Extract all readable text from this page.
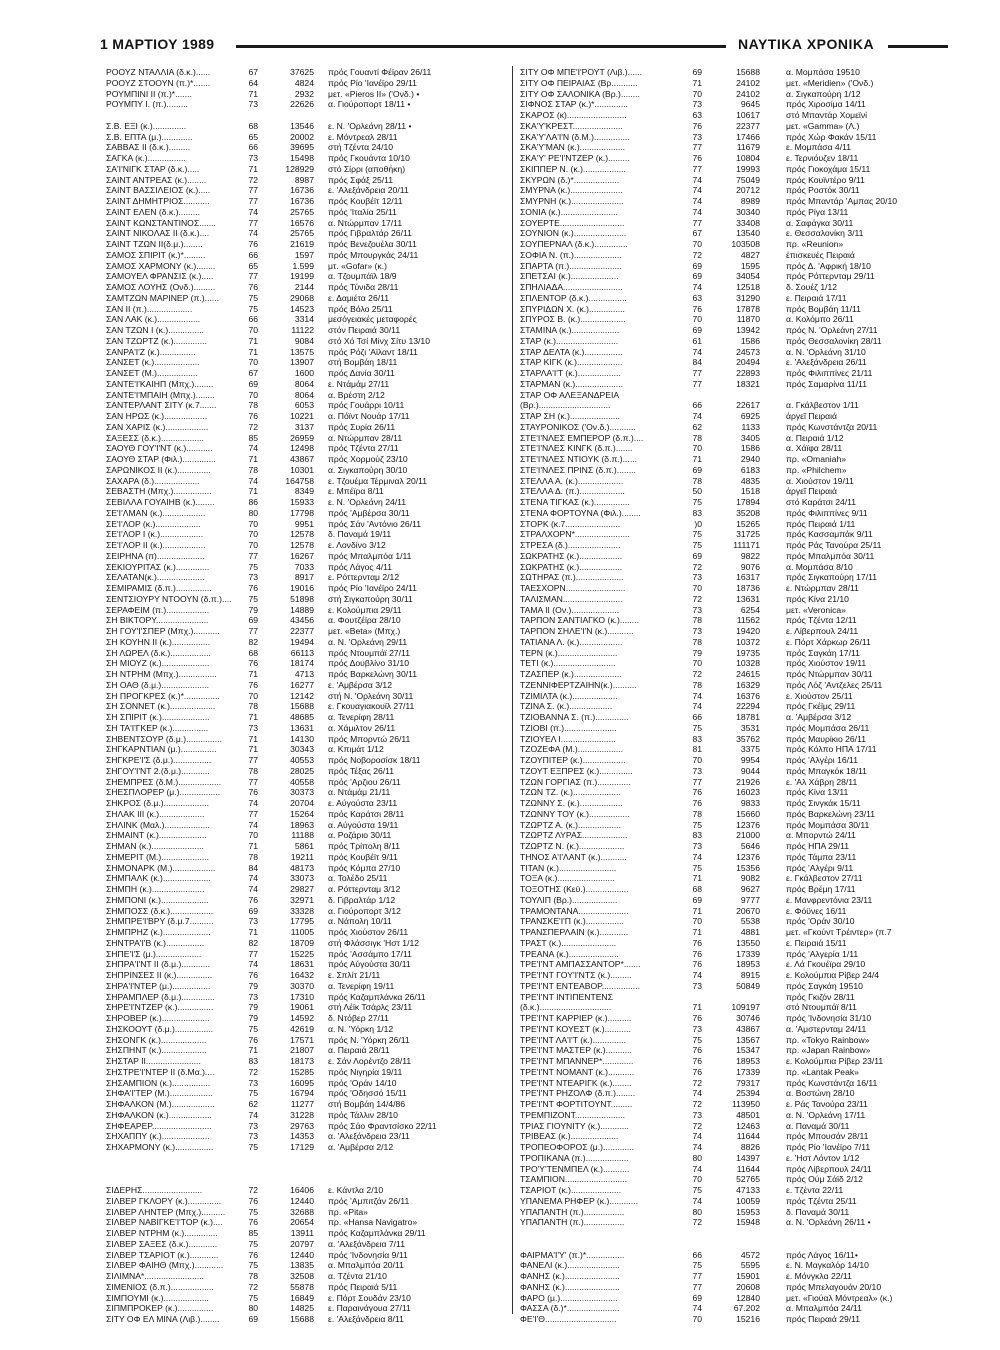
1 ΜΑΡΤΙΟΥ 1989	ΝΑΥΤΙΚΑ ΧΡΟΝΙΚΑ
ΡΟΟΥΖ ΝΤΑΛΛΙΑ (δ.κ.)......	67	37625 πρός Γουαντί Φέϊραν 26/11
ΡΟΟΥΖ ΣΤΟΟΥΝ (π.)*.......	64	4824 πρός Ρίο 'Ιανέϊρο 29/11
ΡΟΥΜΠΙΝΙ ΙΙ (π.)*.......	71	2932 μετ. «Pieros II» ('Ονδ.) •
ΡΟΥΜΠΥ Ι. (π.).........	73	22626 α. Γιούροπορτ 18/11 •
Σ.Β. ΕΞΙ (κ.)..............	68	13546 ε. Ν. 'Ορλεάνη 28/11 •
Σ.Β. ΕΠΤΑ (μ.).............	65	20002 ε. Μόντρεαλ 28/11
ΣΑΒΒΑΣ ΙΙ (δ.κ.).........	66	39695 στή Τζέντα 24/10
ΣΑΓΚΑ (κ.)................	73	15498 πρός Γκουάντα 10/10
ΣΑ'Ι'ΝΙΓΚ ΣΤΑΡ (δ.κ.).....	71	128929 στό Σίρρι (αποθήκη)
ΣΑΙΝΤ ΑΝΤΡΕΑΣ (κ.)........	72	8987 πρός Σφάξ 25/11
ΣΑΙΝΤ ΒΑΣΣΙΛΕΙΟΣ (κ.).....	77	16736 ε. 'Αλεξάνδρεια 20/11
ΣΑΙΝΤ ΔΗΜΗΤΡΙΟΣ...........	77	16736 πρός Κουβέϊτ 12/11
ΣΑΙΝΤ ΕΛΕΝ (δ.κ.).........	74	25765 πρός 'Ιταλία 25/11
ΣΑΙΝΤ ΚΩΝΣΤΑΝΤΙΝΟΣ.......	77	16576 α. Ντώρμπαν 17/11
ΣΑΙΝΤ ΝΙΚΟΛΑΣ ΙΙ (δ.κ.)....	74	25765 πρός Γιβραλτάρ 26/11
ΣΑΙΝΤ ΤΖΩΝ ΙΙ(δ.μ.)........	76	21619 πρός Βενεζουέλα 30/11
ΣΑΜΟΣ ΣΠΙΡΙΤ (κ.)*.........	66	1597 πρός Μπουργκάς 24/11
ΣΑΜΟΣ ΧΑΡΜΟΝΥ (κ.)........	65	1.599 μτ. «Gofar» (κ.)
ΣΑΜΟΥΕΛ ΦΡΑΝΣΙΣ (κ.).....	77	19199 α. Τζουμπάϊλ 18/9
ΣΑΜΟΣ ΛΟΥΗΣ (Ονδ.).........	76	2144 πρός Τύνιδα 28/11
ΣΑΜΤΖΩΝ ΜΑΡΙΝΕΡ (π.)......	75	29068 ε. Δαμιέτα 26/11
ΣΑΝ ΙΙ (π.)...................	75	14523 πρός Βόλο 25/11
ΣΑΝ ΛΑΚ (κ.)..................	66	3314 μεσόγειακές μεταφορές
ΣΑΝ ΤΖΩΝ Ι (κ.)...............	70	11122 στόν Πειραιά 30/11
ΣΑΝ ΤΖΩΡΤΖ (κ.)..............	71	9084 στό Χό Τσί Μίνχ Σίτυ 13/10
ΣΑΝΡΑ'Ι'Ζ (κ.)...............	71	13575 πρός Ρόζι 'Αϊλαντ 18/11
ΣΑΝΣΕΤ (κ.)...................	70	13907 στή Βομβάη 18/11
ΣΑΝΣΕΤ (Μ.).................	67	1600 πρός Δανία 30/11
ΣΑΝΤΕ'Ι'ΚΑΙΗΠ (Μπχ.)........	69	8064 ε. Ντάμάμ 27/11
ΣΑΝΤΕ'Ι'ΜΠΑΙΗ (Μπχ.)........	70	8064 α. Βρέστη 2/12
ΣΑΝΤΕΡΛΑΝΤ ΣΙΤΥ (κ.7.......	78	6053 πρός Γουάρρι 10/11
ΣΑΝ ΗΡΩΣ (κ.)..................	76	10221 α. Πόϊντ Νουάρ 17/11
ΣΑΝ ΧΑΡΙΣ (κ.)..................	72	3137 πρός Συρία 26/11
ΣΑΞΕΣΣ (δ.κ.)..................	85	26959 α. Ντώρμπαν 28/11
ΣΑΟΥΘ ΓΟΥ'Ι'ΝΤ (κ.)...........	74	12498 πρός Τζέντα 27/11
ΣΑΟΥΘ ΣΤΑΡ (Φιλ.)..............	71	43867 πρός Χορμούζ 23/10
ΣΑΡΩΝΙΚΟΣ ΙΙ (κ.)..............	78	10301 α. Σιγκαπούρη 30/10
ΣΑΧΑΡΑ (δ.)...................	74	164758 ε. Τζουέμα Τέρμιναλ 20/11
ΣΕΒΑΣΤΗ (Μπχ.)................	71	8349 ε. Μπέϊρα 8/11
ΣΕΒΙΛΛΑ ΓΟΥΑΙΗΒ (κ.)........	86	15933 ε. Ν. 'Ορλεάνη 24/11
ΣΕ'Ι'ΛΜΑΝ (κ.)..................	80	17798 πρός 'Αμβέρσα 30/11
ΣΕ'Ι'ΛΟΡ (κ.)...................	70	9951 πρός Σάν 'Αντόνιο 26/11
ΣΕ'Ι'ΛΟΡ Ι (κ.)..................	70	12578 δ. Παναμά 19/11
ΣΕ'Ι'ΛΟΡ ΙΙ (κ.)..................	70	12578 ε. Λονδίνο 3/12
ΣΕΙΡΗΝΑ (π)....................	77	16267 πρός Μπαλμπόα 1/11
ΣΕΚΙΟΥΡΙΤΑΣ (κ.)..............	75	7033 πρός Λάγος 4/11
ΣΕΛΑΤΑΝ(κ.)....................	73	8917 ε. Ρόττερνταμ 2/12
ΣΕΜΙΡΑΜΙΣ (δ.π.)...............	76	19016 πρός Ρίο 'Ιανέϊρο 24/11
ΣΕΝΤΣΙΟΥΡΥ ΝΤΟΟΥΝ (δ.π.)....	75	51898 στή Σιγκαπούρη 30/11
ΣΕΡΑΦΕΙΜ (π.)..................	79	14889 ε. Κολούμπια 29/11
ΣΗ ΒΙΚΤΟΡΥ......................	69	43456 α. Φουτζέϊρα 28/10
ΣΗ ΓΟΥ'Ι'ΣΠΕΡ (Μπχ.)...........	77	22377 μετ. «Beta» (Μπχ.)
ΣΗ ΚΟΥΗΝ ΙΙ (κ.)................	82	19494 α. Ν. 'Ορλεάνη 29/11
ΣΗ ΛΩΡΕΛ (δ.κ.).................	68	66113 πρός Ντουμπάϊ 27/11
ΣΗ ΜΙΟΥΖ (κ.)....................	76	18174 πρός Δουβλίνο 31/10
ΣΗ ΝΤΡΗΜ (Μπχ.)................	71	4713 πρός Βαρκελώνη 30/11
ΣΗ ΟΑΘ (δ.μ.)....................	76	16277 ε. 'Αμβέρσα 3/12
ΣΗ ΠΡΟΓΚΡΕΣ (κ.)*...............	70	12142 στή Ν. 'Ορλεάνη 30/11
ΣΗ ΣΟΝΝΕΤ (κ.)...................	78	15688 ε. Γκουαγιακουϊλ 27/11
ΣΗ ΣΠΙΡΙΤ (κ.)....................	71	48685 α. Τενερίφη 28/11
ΣΗ ΤΑ'Ι'ΓΚΕΡ (κ.)...............	73	13631 α. Χάμιλτον 26/11
ΣΗΒΕΝΤΣΟΥΡ (δ.μ.)...............	71	14130 πρός Μπορντώ 26/11
ΣΗΓΚΑΡΝΤΙΑΝ (μ.)...............	71	30343 α. Κπιμάτ 1/12
ΣΗΓΚΡΕ'Ι'Σ (δ.μ.)................	77	40553 πρός Νοβοροσίσκ 18/11
ΣΗΓΟΥ'Ι'ΝΤ 2.(δ.μ.)............	78	28025 πρός Τέξας 26/11
ΣΗΕΜΠΡΕΣ (δ.Μ.)..................	77	40558 πρός 'Αρζιου 26/11
ΣΗΕΣΠΛΟΡΕΡ (μ.).................	76	30373 α. Ντάμάμ 21/11
ΣΗΚΡΟΣ (δ.μ.)...................	74	20704 ε. Αύγούστα 23/11
ΣΗΛΑΚ ΙΙΙ (κ.)...................	77	15264 πρός Καράτσι 28/11
ΣΗΛΙΝΚ (Μαλ.)...................	74	18963 α. Αύγούστα 19/11
ΣΗΜΑΙΝΤ (κ.)....................	70	11188 α. Ροζάριο 30/11
ΣΗΜΑΝ (κ.)......................	71	5861 πρός Τρίπολη 8/11
ΣΗΜΕΡΙΤ (Μ.)....................	78	19211 πρός Κουβέϊτ 9/11
ΣΗΜΟΝΑΡΚ (Μ.)..................	84	48173 πρός Κόμπα 27/10
ΣΗΜΠΑΛΚ (κ.)....................	74	33073 α. Τολέδο 25/11
ΣΗΜΠΗ (κ.)......................	74	29827 α. Ρόττερνταμ 3/12
ΣΗΜΠΟΝΙ (κ.)....................	76	32971 δ. Γιβραλτάρ 1/12
ΣΗΜΠΟΣΣ (δ.κ.)..................	69	33328 α. Γιούροπορτ 3/12
ΣΗΜΠΡΕ'Ι'ΒΡΥ (δ.μ.7..........	73	17795 α. Νάπολη 10/11
ΣΗΜΠΡΗΖ (κ.)....................	71	11005 πρός Χιούστον 26/11
ΣΗΝΤΡΑ'Ι'Β (κ.)................	82	18709 στή Φλάσσιγκ 'Ηστ 1/12
ΣΗΠΕ'Ι'Σ (μ.)...................	77	15225 πρός 'Ασσάμπο 17/11
ΣΗΠΡΑ'Ι'ΝΤ ΙΙ (δ.μ.)............	74	18631 πρός Αύγούστα 30/11
ΣΗΠΡΙΝΣΕΣ ΙΙ (κ.)...............	76	16432 ε. Σπλίτ 21/11
ΣΗΡΑ'Ι'ΝΤΕΡ (μ.)................	79	30370 α. Τενερίφη 19/11
ΣΗΡΑΜΠΛΕΡ (δ.μ.)..............	73	17310 πρός Καζαμπλάνκα 26/11
ΣΗΡΕ'Ι'ΝΤΖΕΡ (κ.)...............	79	19061 στή Λέϊκ Τσάρλς 23/11
ΣΗΡΟΒΕΡ (κ.)....................	79	14592 δ. Ντόβερ 27/11
ΣΗΣΚΟΟΥΤ (δ.μ.)................	75	42619 α. Ν. 'Υόρκη 1/12
ΣΗΣΟΝΓΚ (κ.)...................	76	17571 πρός Ν. 'Υόρκη 26/11
ΣΗΣΠΗΝΤ (κ.)...................	71	21807 α. Πειραιά 28/11
ΣΗΣΤΑΡ ΙΙ.......................	83	18173 ε. Σάν Λορέντζο 28/11
ΣΗΣΤΡΕ'Ι'ΝΤΕΡ ΙΙ (δ.Μα.)....	72	15285 πρός Νιγηρία 19/11
ΣΗΣΑΜΠΙΟΝ (κ.)................	73	16095 πρός 'Οράν 14/10
ΣΗΦΑ'Ι'ΤΕΡ (Μ.)..................	75	16794 πρός 'Οδησσό 15/11
ΣΗΦΑΛΚΟΝ (Μ.)..................	62	11277 στή Βομβάη 14/4/86
ΣΗΦΑΛΚΟΝ (κ.)..................	74	31228 πρός Τάλλιν 28/10
ΣΗΦΕΑΡΕΡ.........................	73	29763 πρός Σάο Φραντσίσκο 22/11
ΣΗΧΑΠΠΥ (κ.)....................	73	14353 α. 'Αλεξάνδρεια 23/11
ΣΗΧΑΡΜΟΝΥ (κ.)................	75	17129 α. 'Αμβέρσα 2/12
ΣΙΔΕΡΗΣ.........................	72	16406 ε. Κάντλα 2/10
ΣΙΛΒΕΡ ΓΚΛΟΡΥ (κ.)..............	76	12440 πρός 'Αμπιτζάν 26/11
ΣΙΛΒΕΡ ΛΗΝΤΕΡ (Μπχ.)..........	75	32688 πρ. «Pita»
ΣΙΛΒΕΡ ΝΑΒΙΓΚΕ'Ι'ΤΟΡ (κ.)....	76	20654 πρ. «Hansa Navigatro»
ΣΙΛΒΕΡ ΝΤΡΗΜ (κ.)..............	85	13911 πρός Καζαμπλάνκα 29/11
ΣΙΛΒΕΡ ΣΑΞΕΣ (δ.κ.)............	75	20797 α. 'Αλεξάνδρεια 7/11
ΣΙΛΒΕΡ ΤΣΑΡΙΟΤ (κ.)............	76	12440 πρός 'Ινδονησία 9/11
ΣΙΛΒΕΡ ΦΑΙΗΘ (Μπχ.)............	75	13835 α. Μπαλμπόα 20/11
ΣΙΛΙΜΝΑ*.........................	78	32508 α. Τζέντα 21/10
ΣΙΜΕΝΙΟΣ (δ.π.)..................	72	55878 πρός Πειραιά 5/11
ΣΙΜΠΟΥΜΙ (κ.)...................	75	16849 ε. Πόρτ Σουδάν 23/10
ΣΙΠΜΠΡΟΚΕΡ (κ.)...............	80	14825 ε. Παραινάγουα 27/11
ΣΙΤΥ ΟΦ ΕΛ ΜΙΝΑ (Λιβ.)........	69	15688 ε. 'Αλεξάνδρεια 8/11
ΣΙΤΥ ΟΦ ΜΠΕ'Ι'ΡΟΥΤ (Λιβ.)......	69	15688	α. Μομπάσα 19510
ΣΙΤΥ ΟΦ ΠΕΙΡΑΙΑΣ (Βρ...........	71	24102	μετ. «Meridien» ('Ονδ.)
ΣΙΤΥ ΟΦ ΣΑΛΟΝΙΚΑ (Βρ.)........	70	24102	α. Σιγκαπούρη 1/12
ΣΙΦΝΟΣ ΣΤΑΡ (κ.)*..............	73	9645	πρός Χιροσίμα 14/11
ΣΚΑΡΟΣ (κ).........................	63	10617	στό Μπαντάρ Χομεϊνί
ΣΚΑ'Υ'ΚΡΕΣΤ.....................	76	22377	μετ. «Gamma» (Λ.)
ΣΚΑ'Υ'ΛΑ'Ι'Ν (δ.Μ.)...............	73	17466	πρός Χώρ Φακάν 15/11
ΣΚΑ'Υ'ΜΑΝ (κ.)...................	77	11679	ε. Μομπάσα 4/11
ΣΚΑ'Υ' ΡΕ'Ι'ΝΤΖΕΡ (κ.).........	76	10804	ε. Τερνιόυζεν 18/11
ΣΚΙΠΠΕΡ Ν. (κ.)..................	77	19993	πρός Γιοκοχάμα 15/11
ΣΚΥΡΩΝ (δ.)*...................	74	75049	πρός Κουϊντέρο 9/11
ΣΜΥΡΝΑ (κ.)......................	74	20712	πρός Ροστόκ 30/11
ΣΜΥΡΝΗ (κ.)......................	74	8989	πρός Μπαντάρ 'Αμπας 20/10
ΣΟΝΙΑ (κ.)........................	74	30340	πρός Ρίγα 13/11
ΣΟΥΕΡΤΕ...........................	77	33408	α. Σαφάγκα 30/11
ΣΟΥΝΙΟΝ (κ.)......................	67	13540	ε. Θεσσαλονίκη 3/11
ΣΟΥΠΕΡΝΑΛ (δ.κ.)..............	70	103508	πρ. «Reunion»
ΣΟΦΙΑ Ν. (π.)....................	72	4827	ἐπισκευές Πειραιά
ΣΠΑΡΤΑ (π.)......................	69	1595	πρός Δ. 'Αφρική 18/10
ΣΠΕΤΣΑΙ (κ.)....................	69	34054	πρός Ρόττερνταμ 29/11
ΣΠΗΛΙΑΔΑ.........................	74	12518	δ. Σουέζ 1/12
ΣΠΛΕΝΤΟΡ (δ.κ.)................	63	31290	ε. Πειραιά 17/11
ΣΠΥΡΙΔΩΝ Χ. (κ.)...............	76	17878	πρός Βομβάη 11/11
ΣΠΥΡΟΣ Β. (κ.)...................	70	11870	α. Κολόμπο 26/11
ΣΤΑΜΙΝΑ (κ.)....................	69	13942	πρός Ν. 'Ορλεάνη 27/11
ΣΤΑΡ (κ.)..........................	61	1586	πρός Θεσσαλονίκη 28/11
ΣΤΑΡ ΔΕΛΤΑ (κ.)................	74	24573	α. Ν. 'Ορλεάνη 31/10
ΣΤΑΡ ΚΙΓΚ (κ.)...................	84	20494	ε. 'Αλεξάνδρεια 26/11
ΣΤΑΡΛΑ'Ι'Τ (κ.)..................	77	22893	πρός Φιλιππίνες 21/11
ΣΤΑΡΜΑΝ (κ.)....................	77	18321	πρός Σαμαρίνα 11/11
ΣΤΑΡ ΟΦ ΑΛΕΞΑΝΔΡΕΙΑ
(Βρ.)..............................	66	22617	α. Γκάλβεστον 1/11
ΣΤΑΡ ΣΗ (κ.).....................	74	6925	ἀργεῖ Πειραιά
ΣΤΑΥΡΟΝΙΚΟΣ ('Ον.δ.)...........	62	1133	πρός Κωνστάντζα 20/11
ΣΤΕ'Ι'ΝΛΕΣ ΕΜΠΕΡΟΡ (δ.π.)....	78	3405	α. Πειραιά 1/12
ΣΤΕ'Ι'ΝΛΕΣ ΚΙΝΓΚ (δ.π.).......	70	1586	α. Χάϊφα 28/11
ΣΤΕ'Ι'ΝΛΕΣ ΝΤΙΟΥΚ (δ.π.)......	71	2940	πρ. «Omaniah»
ΣΤΕ'Ι'ΝΛΕΣ ΠΡΙΝΣ (δ.π.)........	69	6183	πρ. «Philchem»
ΣΤΕΛΛΑ Α. (κ.)...................	78	4835	α. Χιούστον 19/11
ΣΤΕΛΛΑ Δ. (π.)...................	50	1518	ἀργεῖ Πειραιά
ΣΤΕΝΑ ΤΙΓΚΑΣ (κ.)...............	75	17894	στό Καράτσι 24/11
ΣΤΕΝΑ ΦΟΡΤΟΥΝΑ (Φιλ.)........	83	35208	πρός Φιλιππίνες 9/11
ΣΤΟΡΚ (κ.7.......................	)0	15265	πρός Πειραιά 1/11
ΣΤΡΑΛΧΟΡΝ*.......................	75	31725	πρός Κασσαμπάκ 9/11
ΣΤΡΕΣΑ (δ.)......................	75	111171	πρός Ράς Τανούρα 25/11
ΣΩΚΡΑΤΗΣ (κ.)..................	69	9822	πρός Μπαλμπόα 30/11
ΣΩΚΡΑΤΗΣ (κ.)..................	72	9076	α. Μομπάσα 8/10
ΣΩΤΗΡΑΣ (π.)....................	73	16317	πρός Σιγκαπούρη 17/11
ΤΑΕΣΧΟΡΝ.........................	70	18736	ε. Ντώρμπαν 28/11
ΤΑΛΙΣΜΑΝ.........................	72	13631	πρός Κίνα 21/10
ΤΑΜΑ ΙΙ (Ον.)....................	73	6254	μετ. «Veronica»
ΤΑΡΠΟΝ ΣΑΝΤΙΑΓΚΟ (κ.)........	78	11562	πρός Τζέντα 12/11
ΤΑΡΠΟΝ ΣΗΛΕ'Ι'Ν (κ.)...........	73	19420	ε. Λίβερπουλ 24/11
ΤΑΤΙΑΝΑ Λ. (κ.)..................	78	10372	ε. Πόρτ Χάρκωρ 26/11
ΤΕΡΝ (κ.).........................	79	19735	πρός Σαγκάη 17/11
ΤΕΤΙ (κ.)..........................	70	10328	πρός Χιούστον 19/11
ΤΖΑΣΠΕΡ (κ.)....................	72	24615	πρός Ντώρμπαν 30/11
ΤΖΕΝΝΙΦΕΡΤΖΑΙΗΝ(κ.)..........	78	16329	πρός Λόζ 'Αντζελες 25/11
ΤΖΙΜΙΛΤΑ (κ.)...................	74	16376	ε. Χιούστον 25/11
ΤΖΙΝΑ Σ. (κ.)..................	74	22294	πρός Γκέϊμς 29/11
ΤΖΙΟΒΑΝΝΑ Σ. (π.)..............	66	18781	α. 'Αμβέρσα 3/12
ΤΖΙΟΒΙ (π.)......................	75	3531	πρός Μομπάσα 26/11
ΤΖΙΟΥΕΛ Ι.......................	83	35762	πρός Μαυρίκιο 26/11
ΤΖΟΖΕΦΑ (Μ.)...................	81	3375	πρός Κόλπο ΗΠΑ 17/11
ΤΖΟΥΠΙΤΕΡ (κ.)..................	70	9954	πρός 'Αλγέρι 16/11
ΤΖΟΥΤ ΕΞΠΡΕΣ (κ.)..............	73	9044	πρός Μπαγκόκ 18/11
ΤΖΩΝ ΓΟΡΓΙΑΣ (π.)..............	77	21926	ε. 'Αλ Χάβρη 28/11
ΤΖΩΝ ΤΖ. (κ.)....................	76	16023	πρός Κίνα 13/11
ΤΖΩΝΝΥ Σ. (κ.)..................	76	9833	πρός Σινγκάκ 15/11
ΤΖΩΝΝΥ ΤΟΥ (κ.).................	78	15660	πρός Βαρκελώνη 23/11
ΤΖΩΡΤΖ Α. (κ.)..................	75	12376	πρός Μομπάσα 30/11
ΤΖΩΡΤΖ ΛΥΡΑΣ...................	83	21000	α. Μπορντώ 24/11
ΤΖΩΡΤΖ Ν. (κ.)...................	73	5646	πρός ΗΠΑ 29/11
ΤΗΝΟΣ Α'Ι'ΛΑΝΤ (κ.)...........	74	12376	πρός Τάμπα 23/11
ΤΙΤΑΝ (κ.)........................	75	15356	πρός 'Αλγέρι 9/11
ΤΟΞΑ (κ.)........................	71	9082	ε. Γκάλβεστον 27/11
ΤΟΞΟΤΗΣ (Κεϋ.)..................	68	9627	πρός Βρέμη 17/11
ΤΟΥΛΙΠ (Βρ.)...................	69	9777	ε. Μανφρεντόνια 23/11
ΤΡΑΜΟΝΤΑΝΑ.....................	71	20670	ε. Φόϋνες 16/11
ΤΡΑΝΣΚΕ'Ι'Π (κ.)................	70	5538	πρός 'Οράν 30/10
ΤΡΑΝΣΠΕΡΛΑΙΝ (κ.)............	71	4881	μετ. «Γκούντ Τρέιντερ» (π.7
ΤΡΑΣΤ (κ.).......................	76	13550	ε. Πειραιά 15/11
ΤΡΕΑΝΑ (κ.).....................	76	17339	πρός 'Αλγερία 1/11
ΤΡΕ'Ι'ΝΤ ΑΜΠΑΣΣΑΝΤΟΡ*.......	76	18953	ε. Λά Γκουέϊρα 29/10
ΤΡΕ'Ι'ΝΤ ΓΟΥ'Ι'ΝΤΣ (κ.).........	74	8915	ε. Κολούμπια Ρίβερ 24/4
ΤΡΕ'Ι'ΝΤ ΕΝΤΕΑΒΟΡ................	73	50849	πρός Σαγκάη 19510
ΤΡΕ'Ι'ΝΤ ΙΝΤΙΠΕΝΤΕΝΣ	πρός Γκιζόν 28/11
(δ.κ.)..............................	71	109197	στό Ντουμπάϊ 8/11
ΤΡΕ'Ι'ΝΤ ΚΑΡΡΙΕΡ (κ.)..........	76	30746	πρός 'Ινδονησία 31/10
ΤΡΕ'Ι'ΝΤ ΚΟΥΕΣΤ (κ.)...........	73	43867	α. 'Αμστερνταμ 24/11
ΤΡΕ'Ι'ΝΤ ΛΑ'Ι'Τ (κ.)..............	75	13567	πρ. «Tokyo Rainbow»
ΤΡΕ'Ι'ΝΤ ΜΑΣΤΕΡ (κ.)...........	76	15347	πρ. «Japan Rainbow»
ΤΡΕ'Ι'ΝΤ ΜΠΑΝΝΕΡ*.............	76	18953	ε. Κολούμπια Ρίβερ 23/11
ΤΡΕ'Ι'ΝΤ ΝΟΜΑΝΤ (κ.)...........	76	17339	πρ. «Lantak Peak»
ΤΡΕ'Ι'ΝΤ ΝΤΕΑΡΙΓΚ (κ.)........	72	79317	πρός Κωνστάντζα 16/11
ΤΡΕ'Ι'ΝΤ ΡΗΖΟΛΦ (δ.π.)........	74	25394	α. Βοστώνη 28/10
ΤΡΕ'Ι'ΝΤ ΦΟΡΤΙΤΟΥΝΤ.........	72	113950	ε. Ράς Τανούρα 23/11
ΤΡΕΜΠΙΖΟΝΤ.....................	73	48501	α. Ν. 'Ορλεάνη 17/11
ΤΡΙΑΣ ΓΙΟΥΝΙΤΥ (κ.)............	72	12463	α. Παναμά 30/11
ΤΡΙΒΕΑΣ (κ.)....................	74	11644	πρός Μπουσάν 28/11
ΤΡΟΠΕΟΦΟΡΟΣ (μ.).............	74	8826	πρός Ρίο 'Ιανέϊρο 7/11
ΤΡΟΠΙΚΑΝΑ (π.)..................	80	14397	ε. 'Ηστ Λόντον 1/12
ΤΡΟ'Υ'ΤΕΝΜΠΕΛ (κ.)...........	74	11644	πρός Λίβερπουλ 24/11
ΤΣΑΜΠΙΟΝ..........................	70	52765	πρός Ούμ Σάϊδ 2/12
ΤΣΑΡΙΟΤ (κ.).....................	75	47133	ε. Τζέντα 22/11
ΥΠΑΝΕΜΑ ΡΗΦΕΡ (κ.)............	74	10059	πρός Τζέντα 25/11
ΥΠΑΠΑΝΤΗ (π.).................	80	15953	δ. Παναμά 30/11
ΥΠΑΠΑΝΤΗ (π.).................	72	15948	α. Ν. 'Ορλεάνη 26/11 •
ΦΑΙΡΜΑ'Ι'Υ' (π.)*................	66	4572	πρός Λάγος 16/11•
ΦΑΝΕΛΙ (κ.)......................	75	5595	ε. Ν. Μαγκαλόρ 14/10
ΦΑΝΗΣ (κ.).......................	77	15901	ε. Μόνγκλα 22/11
ΦΑΝΗΣ (κ.).......................	77	20608	πρός Μπελαγουάν 20/10
ΦΑΡΟ (μ.)........................	69	12840	μετ. «Γιούαλ Μόντρεαλ» (κ.)
ΦΑΣΣΑ (δ.)*......................	74	67.202	α. Μπαλμπόα 24/11
ΦΕ'Ι'Θ..............................	70	15216	πρός Πειραιά 29/11
